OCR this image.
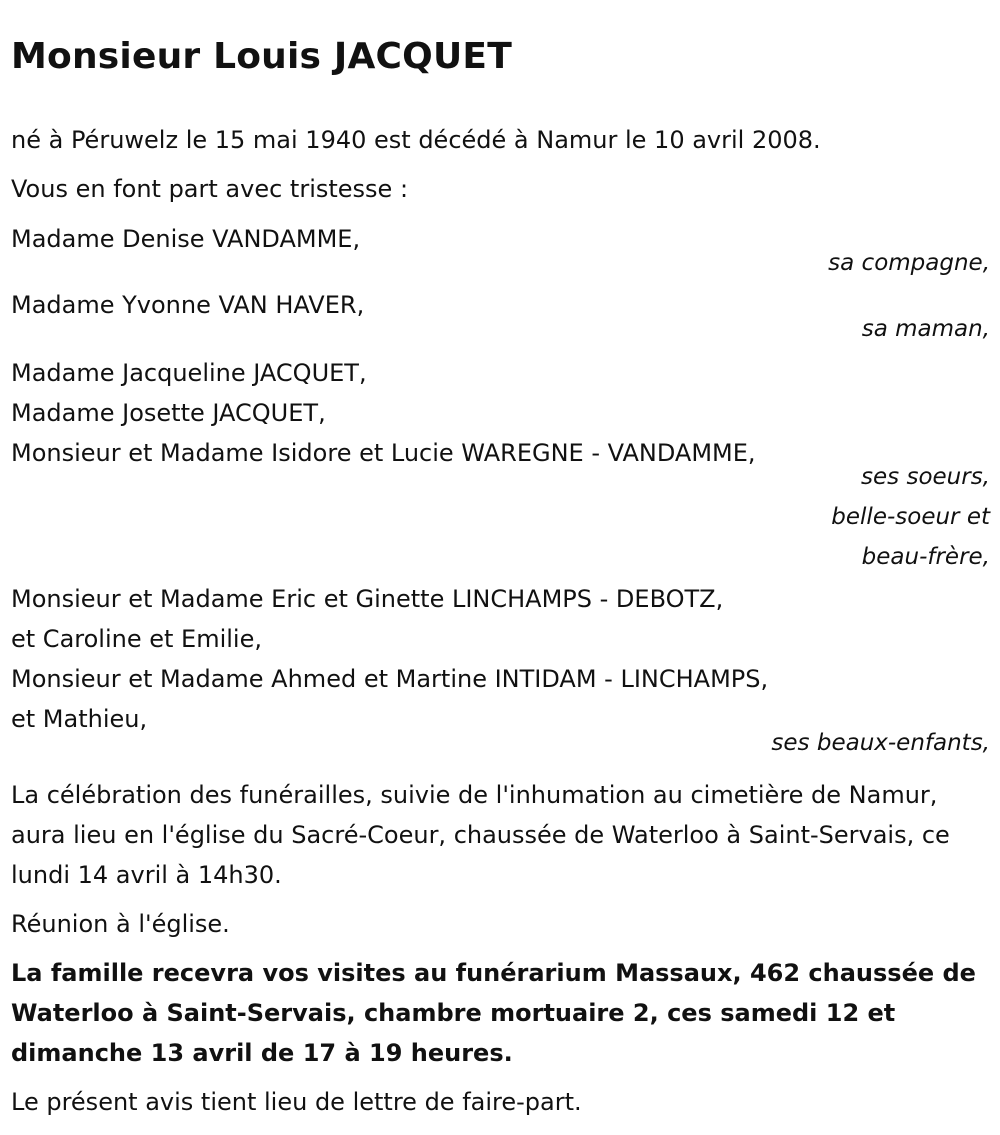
Monsieur Louis JACQUET

né à Péruwelz le 15 mai 1940 est décédé à Namur le 10 avril 2008.

Vous en font part avec tristesse :

Madame Denise VANDAMME,

sa compagne,

Madame Yvonne VAN HAVER,

sa maman,

Madame Jacqueline JACQUET,

Madame Josette JACQUET,

Monsieur et Madame Isidore et Lucie WAREGNE - VANDAMME,

ses soeurs,

belle-soeur et

beau-frère,

Monsieur et Madame Eric et Ginette LINCHAMPS - DEBOTZ,

et Caroline et Emilie,

Monsieur et Madame Ahmed et Martine INTIDAM - LINCHAMPS,

et Mathieu,

ses beaux-enfants,

La célébration des funérailles, suivie de l'inhumation au cimetière de Namur, aura lieu en l'église du Sacré-Coeur, chaussée de Waterloo à Saint-Servais, ce lundi 14 avril à 14h30.

Réunion à l'église.

La famille recevra vos visites au funérarium Massaux, 462 chaussée de Waterloo à Saint-Servais, chambre mortuaire 2, ces samedi 12 et dimanche 13 avril de 17 à 19 heures.

Le présent avis tient lieu de lettre de faire-part.
